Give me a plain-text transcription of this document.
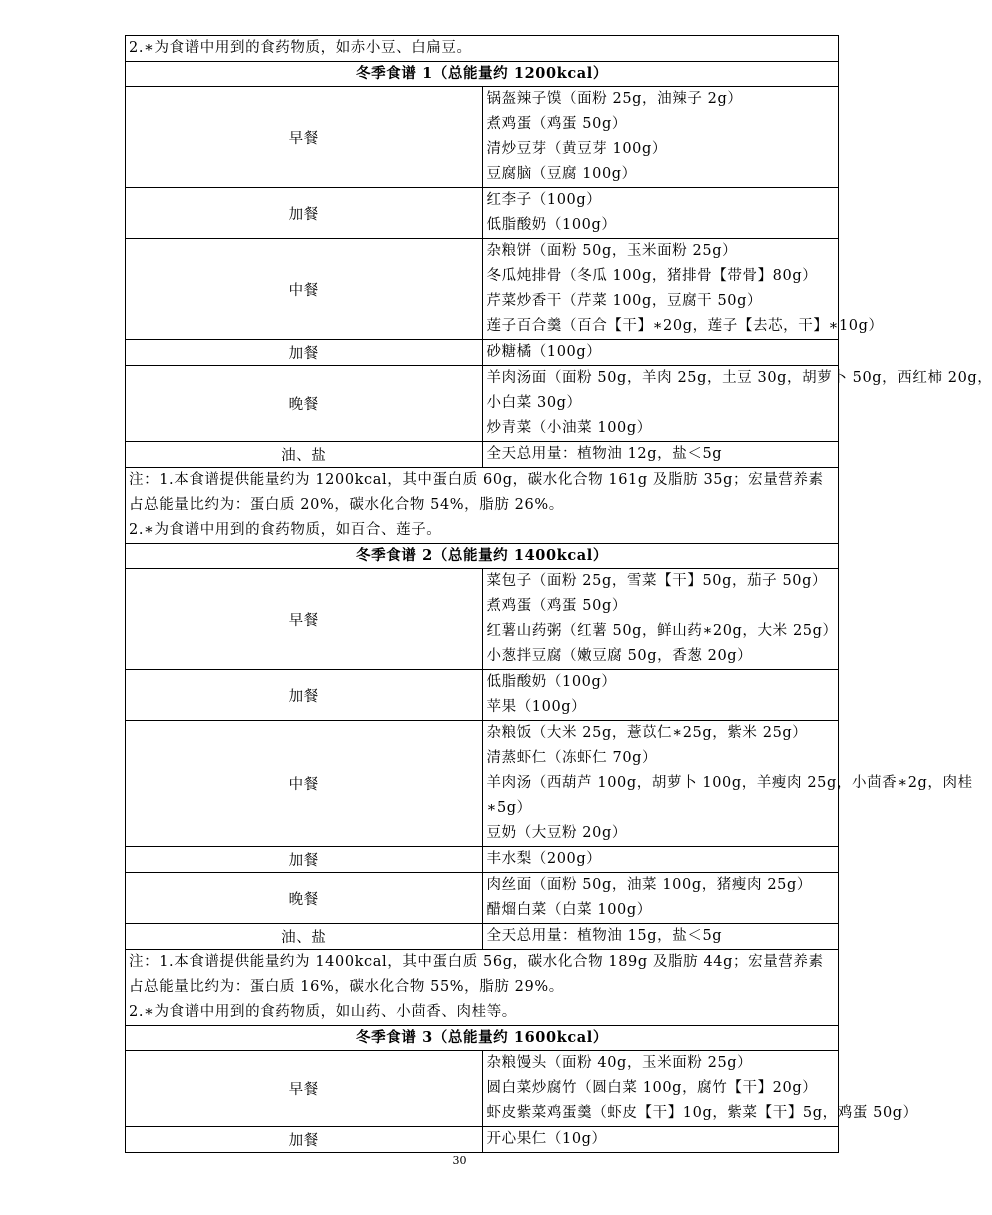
2.∗为食谱中用到的食药物质，如赤小豆、白扁豆。	

冬季食谱 1（总能量约 1200kcal）	
早餐	锅盔辣子馍（面粉 25g，油辣子 2g）
煮鸡蛋（鸡蛋 50g）
清炒豆芽（黄豆芽 100g）
豆腐脑（豆腐 100g）

加餐	红李子（100g）
低脂酸奶（100g）

中餐	杂粮饼（面粉 50g，玉米面粉 25g）
冬瓜炖排骨（冬瓜 100g，猪排骨【带骨】80g）
芹菜炒香干（芹菜 100g，豆腐干 50g）
莲子百合羹（百合【干】∗20g，莲子【去芯，干】∗10g）

加餐	砂糖橘（100g）

晚餐	羊肉汤面（面粉 50g，羊肉 25g，土豆 30g，胡萝卜 50g，西红柿 20g，
小白菜 30g）
炒青菜（小油菜 100g）

油、盐	全天总用量：植物油 12g，盐＜5g

注：1.本食谱提供能量约为 1200kcal，其中蛋白质 60g，碳水化合物 161g 及脂肪 35g；宏量营养素占总能量比约为：蛋白质 20%，碳水化合物 54%，脂肪 26%。
2.∗为食谱中用到的食药物质，如百合、莲子。	

冬季食谱 2（总能量约 1400kcal）	
早餐	菜包子（面粉 25g，雪菜【干】50g，茄子 50g）
煮鸡蛋（鸡蛋 50g）
红薯山药粥（红薯 50g，鲜山药∗20g，大米 25g）
小葱拌豆腐（嫩豆腐 50g，香葱 20g）

加餐	低脂酸奶（100g）
苹果（100g）

中餐	杂粮饭（大米 25g，薏苡仁∗25g，紫米 25g）
清蒸虾仁（冻虾仁 70g）
羊肉汤（西葫芦 100g，胡萝卜 100g，羊瘦肉 25g，小茴香∗2g，肉桂
∗5g）
豆奶（大豆粉 20g）

加餐	丰水梨（200g）

晚餐	肉丝面（面粉 50g，油菜 100g，猪瘦肉 25g）
醋熘白菜（白菜 100g）

油、盐	全天总用量：植物油 15g，盐＜5g

注：1.本食谱提供能量约为 1400kcal，其中蛋白质 56g，碳水化合物 189g 及脂肪 44g；宏量营养素占总能量比约为：蛋白质 16%，碳水化合物 55%，脂肪 29%。
2.∗为食谱中用到的食药物质，如山药、小茴香、肉桂等。	

冬季食谱 3（总能量约 1600kcal）	
早餐	杂粮馒头（面粉 40g，玉米面粉 25g）
圆白菜炒腐竹（圆白菜 100g，腐竹【干】20g）
虾皮紫菜鸡蛋羹（虾皮【干】10g，紫菜【干】5g，鸡蛋 50g）

加餐	开心果仁（10g）
30
